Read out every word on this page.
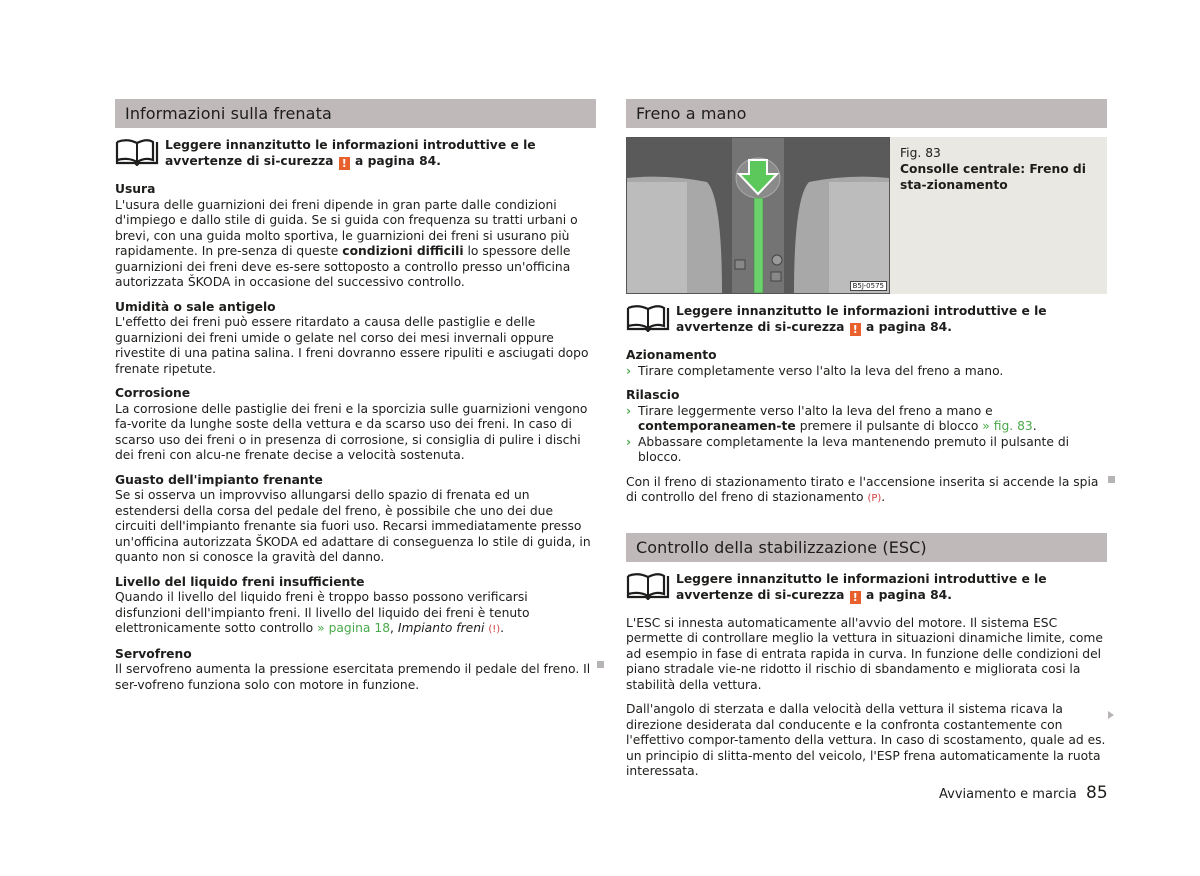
Informazioni sulla frenata
Leggere innanzitutto le informazioni introduttive e le avvertenze di si-curezza ! a pagina 84.
Usura

L'usura delle guarnizioni dei freni dipende in gran parte dalle condizioni d'impiego e dallo stile di guida. Se si guida con frequenza su tratti urbani o brevi, con una guida molto sportiva, le guarnizioni dei freni si usurano più rapidamente. In pre-senza di queste condizioni difficili lo spessore delle guarnizioni dei freni deve es-sere sottoposto a controllo presso un'officina autorizzata ŠKODA in occasione del successivo controllo.

Umidità o sale antigelo

L'effetto dei freni può essere ritardato a causa delle pastiglie e delle guarnizioni dei freni umide o gelate nel corso dei mesi invernali oppure rivestite di una patina salina. I freni dovranno essere ripuliti e asciugati dopo frenate ripetute.

Corrosione

La corrosione delle pastiglie dei freni e la sporcizia sulle guarnizioni vengono fa-vorite da lunghe soste della vettura e da scarso uso dei freni. In caso di scarso uso dei freni o in presenza di corrosione, si consiglia di pulire i dischi dei freni con alcu-ne frenate decise a velocità sostenuta.

Guasto dell'impianto frenante

Se si osserva un improvviso allungarsi dello spazio di frenata ed un estendersi della corsa del pedale del freno, è possibile che uno dei due circuiti dell'impianto frenante sia fuori uso. Recarsi immediatamente presso un'officina autorizzata ŠKODA ed adattare di conseguenza lo stile di guida, in quanto non si conosce la gravità del danno.

Livello del liquido freni insufficiente

Quando il livello del liquido freni è troppo basso possono verificarsi disfunzioni dell'impianto freni. Il livello del liquido dei freni è tenuto elettronicamente sotto controllo » pagina 18, Impianto freni (!).

Servofreno

Il servofreno aumenta la pressione esercitata premendo il pedale del freno. Il ser-vofreno funziona solo con motore in funzione.

Freno a mano
B5J-0575
Fig. 83
Consolle centrale: Freno di sta-zionamento
Leggere innanzitutto le informazioni introduttive e le avvertenze di si-curezza ! a pagina 84.
Azionamento
› Tirare completamente verso l'alto la leva del freno a mano.
Rilascio
› Tirare leggermente verso l'alto la leva del freno a mano e contemporaneamen-te premere il pulsante di blocco » fig. 83.
› Abbassare completamente la leva mantenendo premuto il pulsante di blocco.

Con il freno di stazionamento tirato e l'accensione inserita si accende la spia di controllo del freno di stazionamento (P).

Controllo della stabilizzazione (ESC)
Leggere innanzitutto le informazioni introduttive e le avvertenze di si-curezza ! a pagina 84.

L'ESC si innesta automaticamente all'avvio del motore. Il sistema ESC permette di controllare meglio la vettura in situazioni dinamiche limite, come ad esempio in fase di entrata rapida in curva. In funzione delle condizioni del piano stradale vie-ne ridotto il rischio di sbandamento e migliorata cosi la stabilità della vettura.

Dall'angolo di sterzata e dalla velocità della vettura il sistema ricava la direzione desiderata dal conducente e la confronta costantemente con l'effettivo compor-tamento della vettura. In caso di scostamento, quale ad es. un principio di slitta-mento del veicolo, l'ESP frena automaticamente la ruota interessata.

Avviamento e marcia 85
